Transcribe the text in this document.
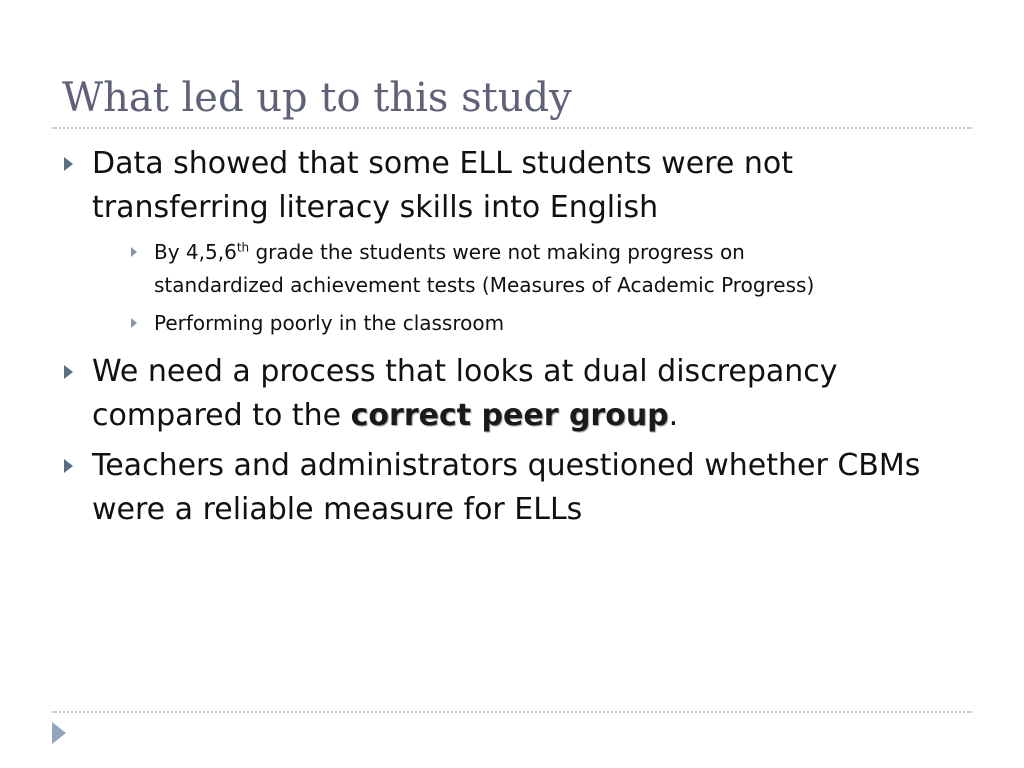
What led up to this study
Data showed that some ELL students were not
transferring literacy skills into English
By 4,5,6th grade the students were not making progress on
standardized achievement tests (Measures of Academic Progress)
Performing poorly in the classroom
We need a process that looks at dual discrepancy
compared to the correct peer group.
Teachers and administrators questioned whether CBMs
were a reliable measure for ELLs
